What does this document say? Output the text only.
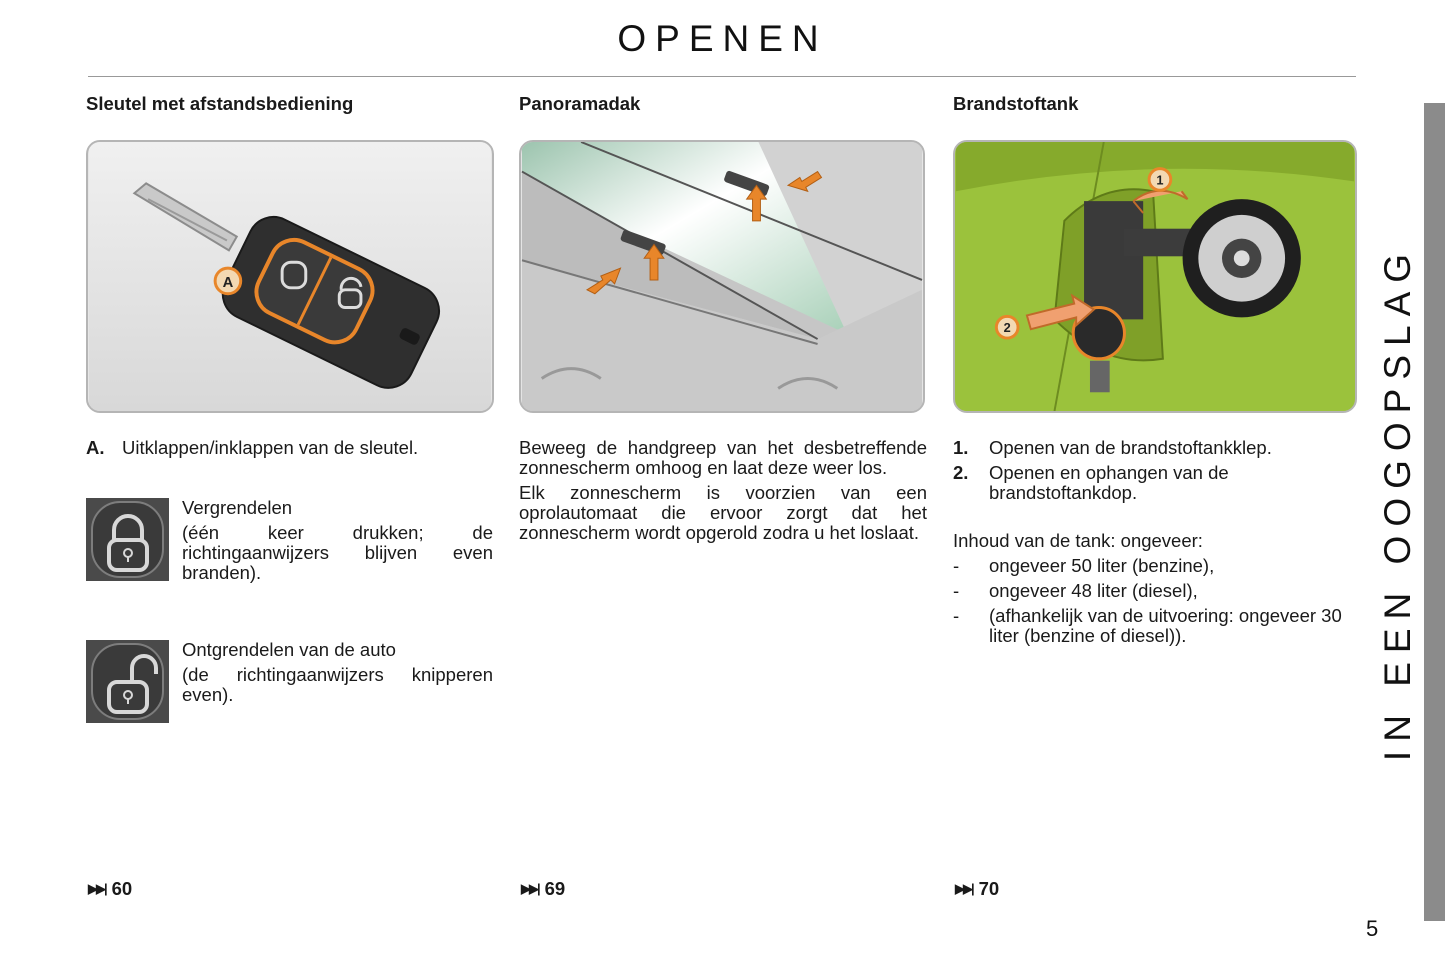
OPENEN
Sleutel met afstandsbediening
A
A. Uitklappen/inklappen van de sleutel.
Vergrendelen
(één keer drukken; de richtingaanwijzers blijven even branden).
Ontgrendelen van de auto
(de richtingaanwijzers knipperen even).
▶▶| 60
Panoramadak
Beweeg de handgreep van het desbetreffende zonnescherm omhoog en laat deze weer los.
Elk zonnescherm is voorzien van een oprolautomaat die ervoor zorgt dat het zonnescherm wordt opgerold zodra u het loslaat.
▶▶| 69
Brandstoftank
1
2
1.	Openen van de brandstoftankklep.
2.	Openen en ophangen van de brandstoftankdop.
Inhoud van de tank: ongeveer:
-	ongeveer 50 liter (benzine),
-	ongeveer 48 liter (diesel),
-	(afhankelijk van de uitvoering: ongeveer 30 liter (benzine of diesel)).
▶▶| 70
IN EEN OOGOPSLAG
5
